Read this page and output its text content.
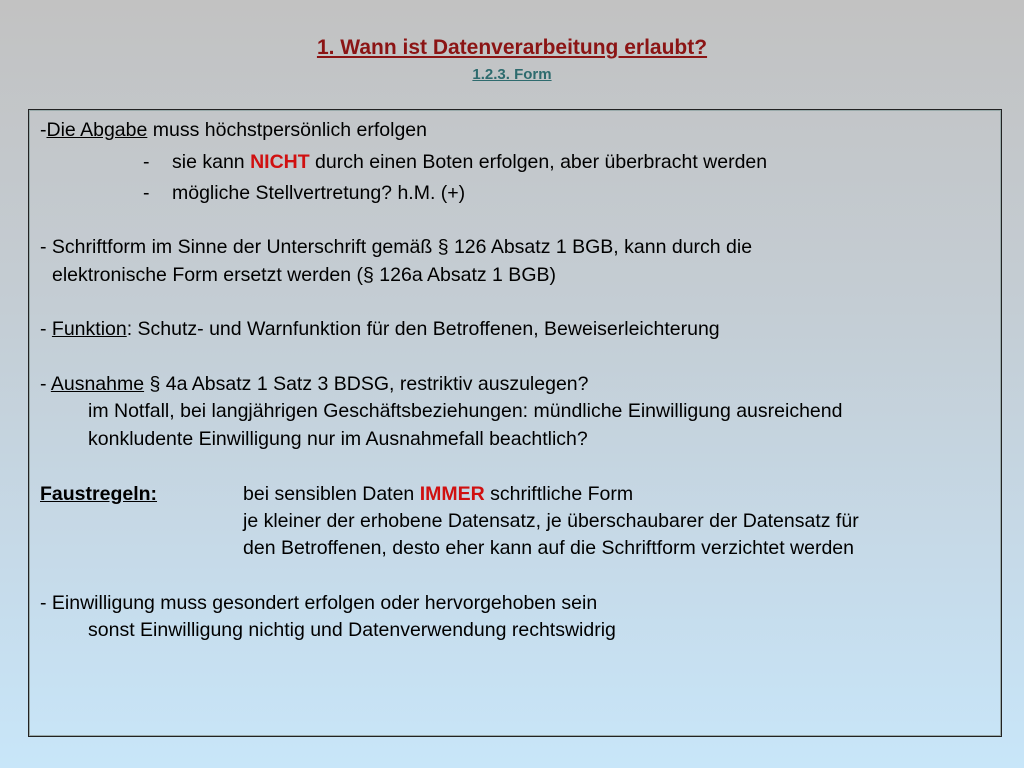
1. Wann ist Datenverarbeitung erlaubt?
1.2.3. Form
-Die Abgabe muss höchstpersönlich erfolgen
- sie kann NICHT durch einen Boten erfolgen, aber überbracht werden
- mögliche Stellvertretung? h.M. (+)
- Schriftform im Sinne der Unterschrift gemäß § 126 Absatz 1 BGB, kann durch die
elektronische Form ersetzt werden (§ 126a Absatz 1 BGB)
- Funktion: Schutz- und Warnfunktion für den Betroffenen, Beweiserleichterung
- Ausnahme § 4a Absatz 1 Satz 3 BDSG, restriktiv auszulegen?
im Notfall, bei langjährigen Geschäftsbeziehungen: mündliche Einwilligung ausreichend
konkludente Einwilligung nur im Ausnahmefall beachtlich?
Faustregeln:	bei sensiblen Daten IMMER schriftliche Form
je kleiner der erhobene Datensatz, je überschaubarer der Datensatz für
den Betroffenen, desto eher kann auf die Schriftform verzichtet werden
- Einwilligung muss gesondert erfolgen oder hervorgehoben sein
sonst Einwilligung nichtig und Datenverwendung rechtswidrig
